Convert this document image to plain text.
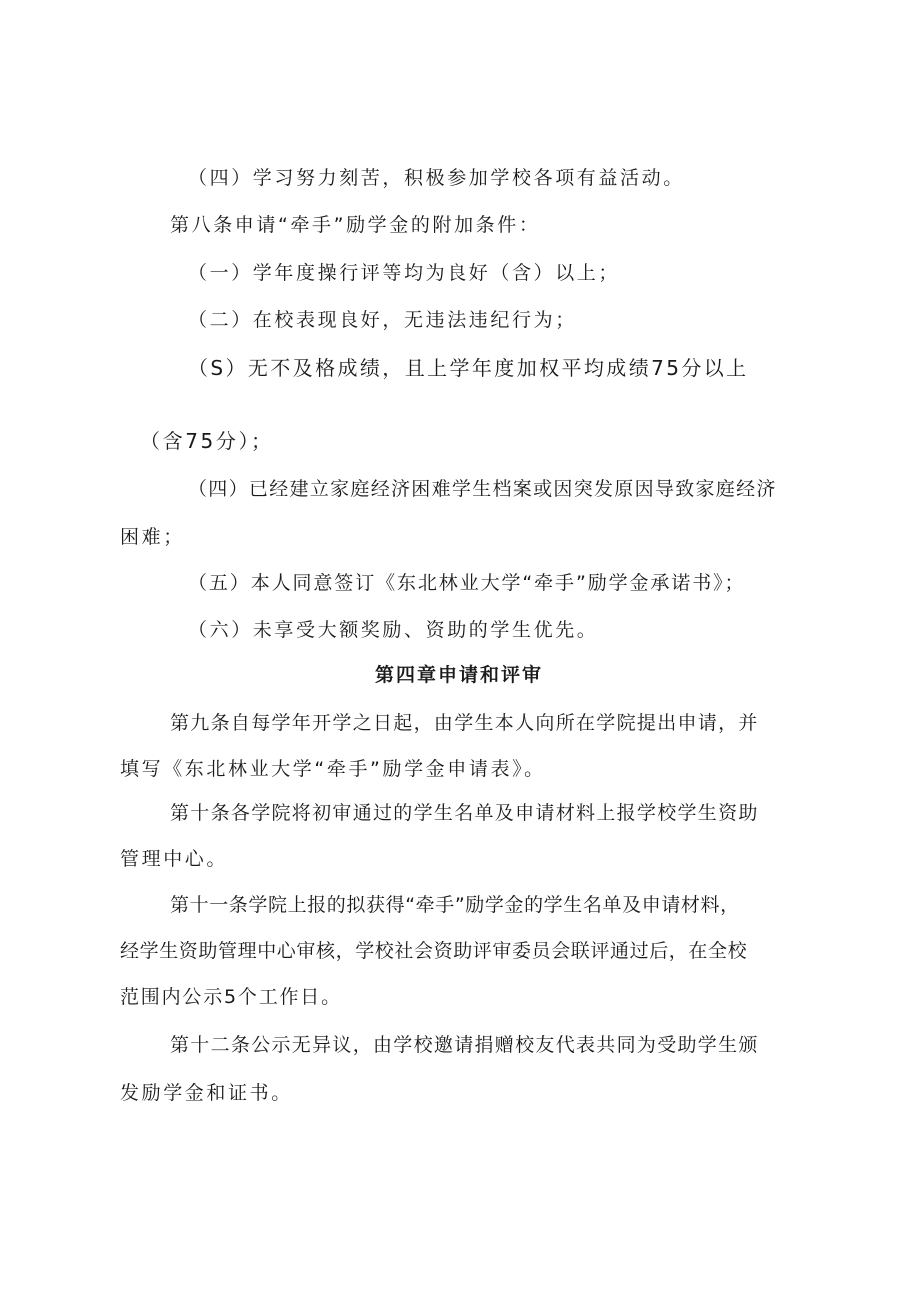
（四）学习努力刻苦，积极参加学校各项有益活动。
第八条申请“牵手”励学金的附加条件：
（一）学年度操行评等均为良好（含）以上；
（二）在校表现良好，无违法违纪行为；
（S）无不及格成绩，且上学年度加权平均成绩75分以上
（含75分）；
（四）已经建立家庭经济困难学生档案或因突发原因导致家庭经济
困难；
（五）本人同意签订《东北林业大学“牵手”励学金承诺书》；
（六）未享受大额奖励、资助的学生优先。
第四章申请和评审
第九条自每学年开学之日起，由学生本人向所在学院提出申请，并
填写《东北林业大学“牵手”励学金申请表》。
第十条各学院将初审通过的学生名单及申请材料上报学校学生资助
管理中心。
第十一条学院上报的拟获得“牵手”励学金的学生名单及申请材料，
经学生资助管理中心审核，学校社会资助评审委员会联评通过后，在全校
范围内公示5个工作日。
第十二条公示无异议，由学校邀请捐赠校友代表共同为受助学生颁
发励学金和证书。
